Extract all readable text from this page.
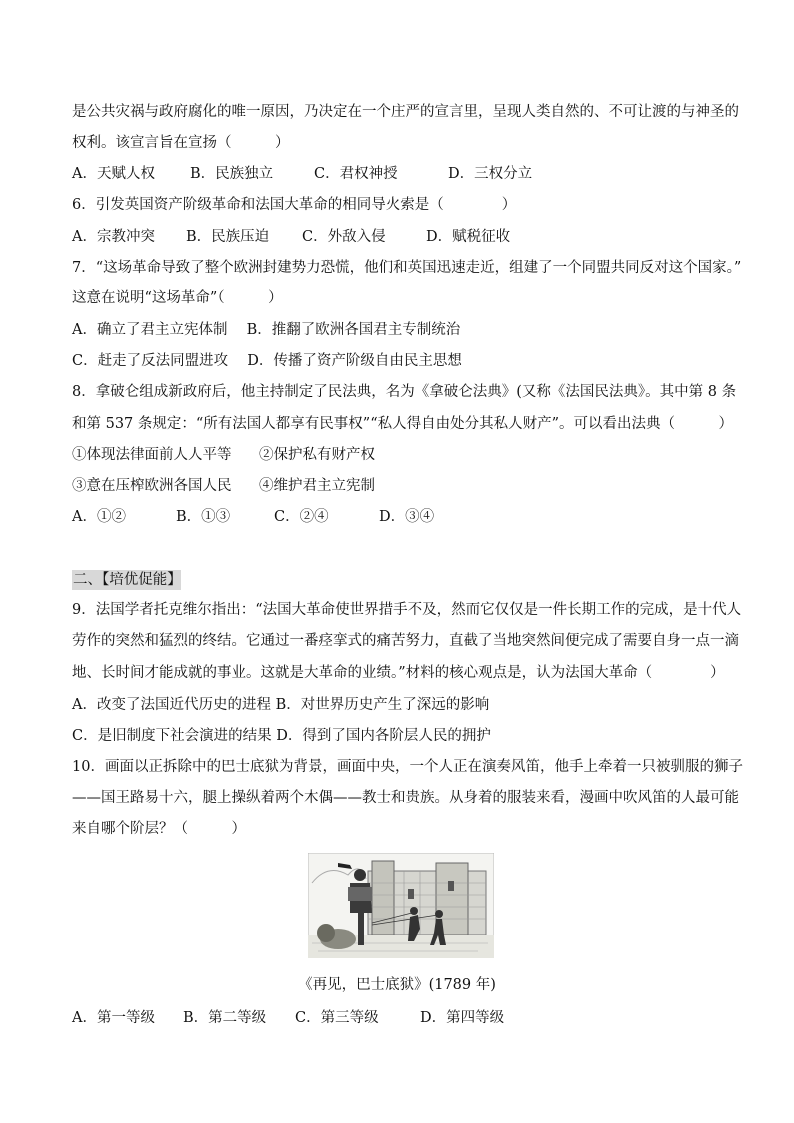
是公共灾祸与政府腐化的唯一原因，乃决定在一个庄严的宣言里，呈现人类自然的、不可让渡的与神圣的
权利。该宣言旨在宣扬（　　　）
A．天赋人权 B．民族独立	C．君权神授	D．三权分立
6．引发英国资产阶级革命和法国大革命的相同导火索是（　　　　）
A．宗教冲突 B．民族压迫 C．外敌入侵	D．赋税征收
7．“这场革命导致了整个欧洲封建势力恐慌，他们和英国迅速走近，组建了一个同盟共同反对这个国家。”
这意在说明“这场革命”（　　　）
A．确立了君主立宪体制　 B．推翻了欧洲各国君主专制统治
C．赶走了反法同盟进攻　 D．传播了资产阶级自由民主思想
8．拿破仑组成新政府后，他主持制定了民法典，名为《拿破仑法典》(又称《法国民法典》。其中第 8 条
和第 537 条规定：“所有法国人都享有民事权”“私人得自由处分其私人财产”。可以看出法典（　　　）
①体现法律面前人人平等 ②保护私有财产权
③意在压榨欧洲各国人民 ④维护君主立宪制
A．①②	B．①③	C．②④	D．③④
二、【培优促能】
9．法国学者托克维尔指出：“法国大革命使世界措手不及，然而它仅仅是一件长期工作的完成，是十代人
劳作的突然和猛烈的终结。它通过一番痉挛式的痛苦努力，直截了当地突然间便完成了需要自身一点一滴
地、长时间才能成就的事业。这就是大革命的业绩。”材料的核心观点是，认为法国大革命（　　　　）
A．改变了法国近代历史的进程 B．对世界历史产生了深远的影响
C．是旧制度下社会演进的结果 D．得到了国内各阶层人民的拥护
10．画面以正拆除中的巴士底狱为背景，画面中央，一个人正在演奏风笛，他手上牵着一只被驯服的狮子
——国王路易十六，腿上操纵着两个木偶——教士和贵族。从身着的服装来看，漫画中吹风笛的人最可能
来自哪个阶层？（　　　）
《再见，巴士底狱》(1789 年)
A．第一等级 B．第二等级 C．第三等级	D．第四等级
